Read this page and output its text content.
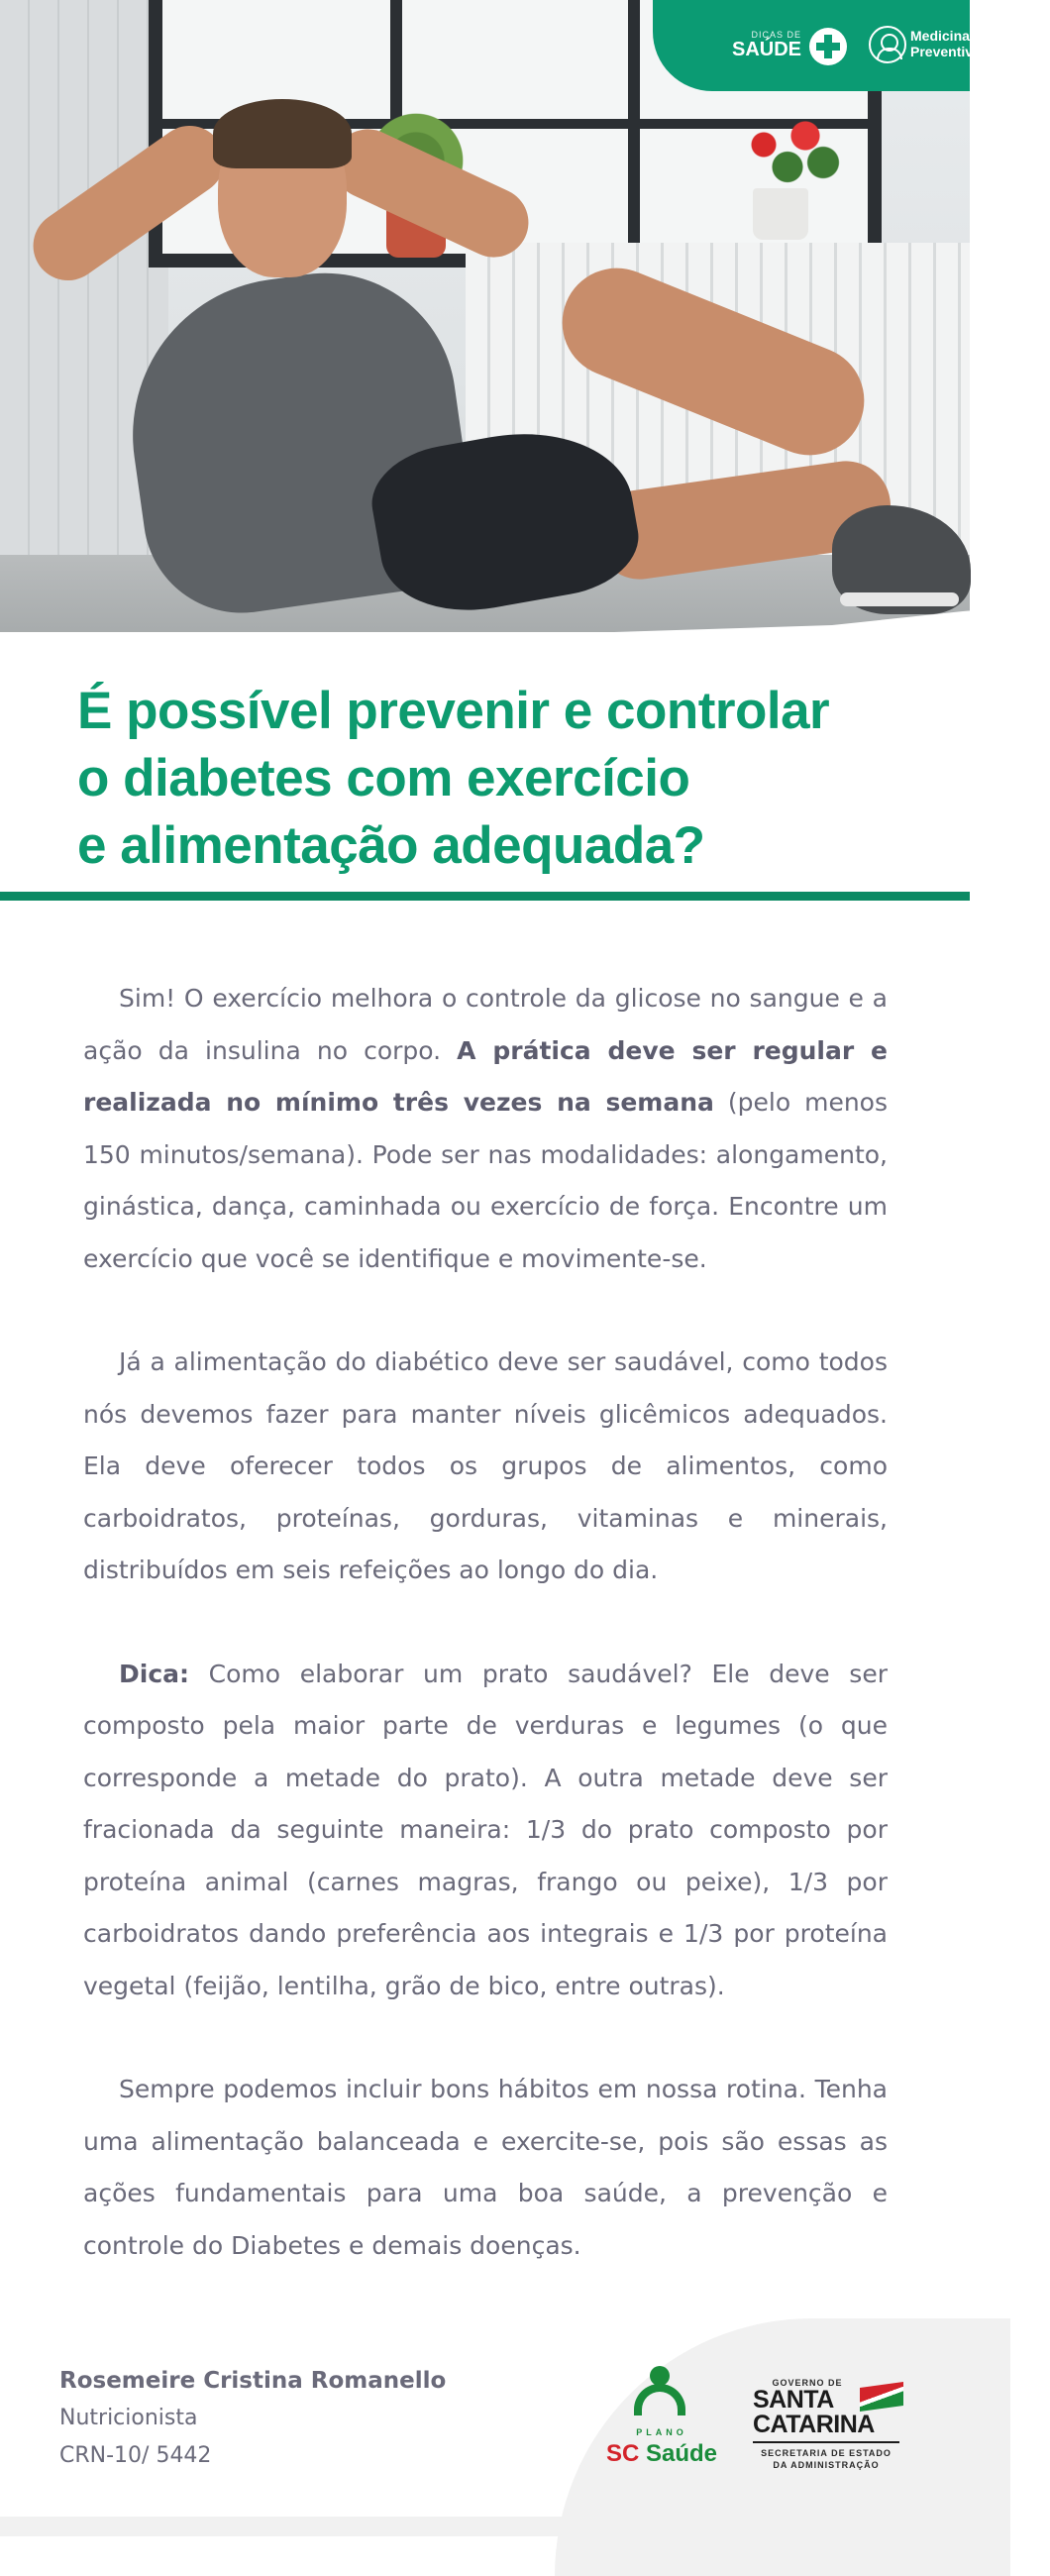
DICAS DE
SAÚDE
Medicina
Preventiva
É possível prevenir e controlar
o diabetes com exercício
e alimentação adequada?

Sim! O exercício melhora o controle da glicose no sangue e a ação da insulina no corpo. A prática deve ser regular e realizada no mínimo três vezes na semana (pelo menos 150 minutos/semana). Pode ser nas modalidades: alongamento, ginástica, dança, caminhada ou exercício de força. Encontre um exercício que você se identifique e movimente-se.

Já a alimentação do diabético deve ser saudável, como todos nós devemos fazer para manter níveis glicêmicos adequados. Ela deve oferecer todos os grupos de alimentos, como carboidratos, proteínas, gorduras, vitaminas e minerais, distribuídos em seis refeições ao longo do dia.

Dica: Como elaborar um prato saudável? Ele deve ser composto pela maior parte de verduras e legumes (o que corresponde a metade do prato). A outra metade deve ser fracionada da seguinte maneira: 1/3 do prato composto por proteína animal (carnes magras, frango ou peixe), 1/3 por carboidratos dando preferência aos integrais e 1/3 por proteína vegetal (feijão, lentilha, grão de bico, entre outras).

Sempre podemos incluir bons hábitos em nossa rotina. Tenha uma alimentação balanceada e exercite-se, pois são essas as ações fundamentais para uma boa saúde, a prevenção e controle do Diabetes e demais doenças.

Rosemeire Cristina Romanello
Nutricionista
CRN-10/ 5442
PLANO
SC Saúde
GOVERNO DE
SANTA
CATARINA
SECRETARIA DE ESTADO
DA ADMINISTRAÇÃO
